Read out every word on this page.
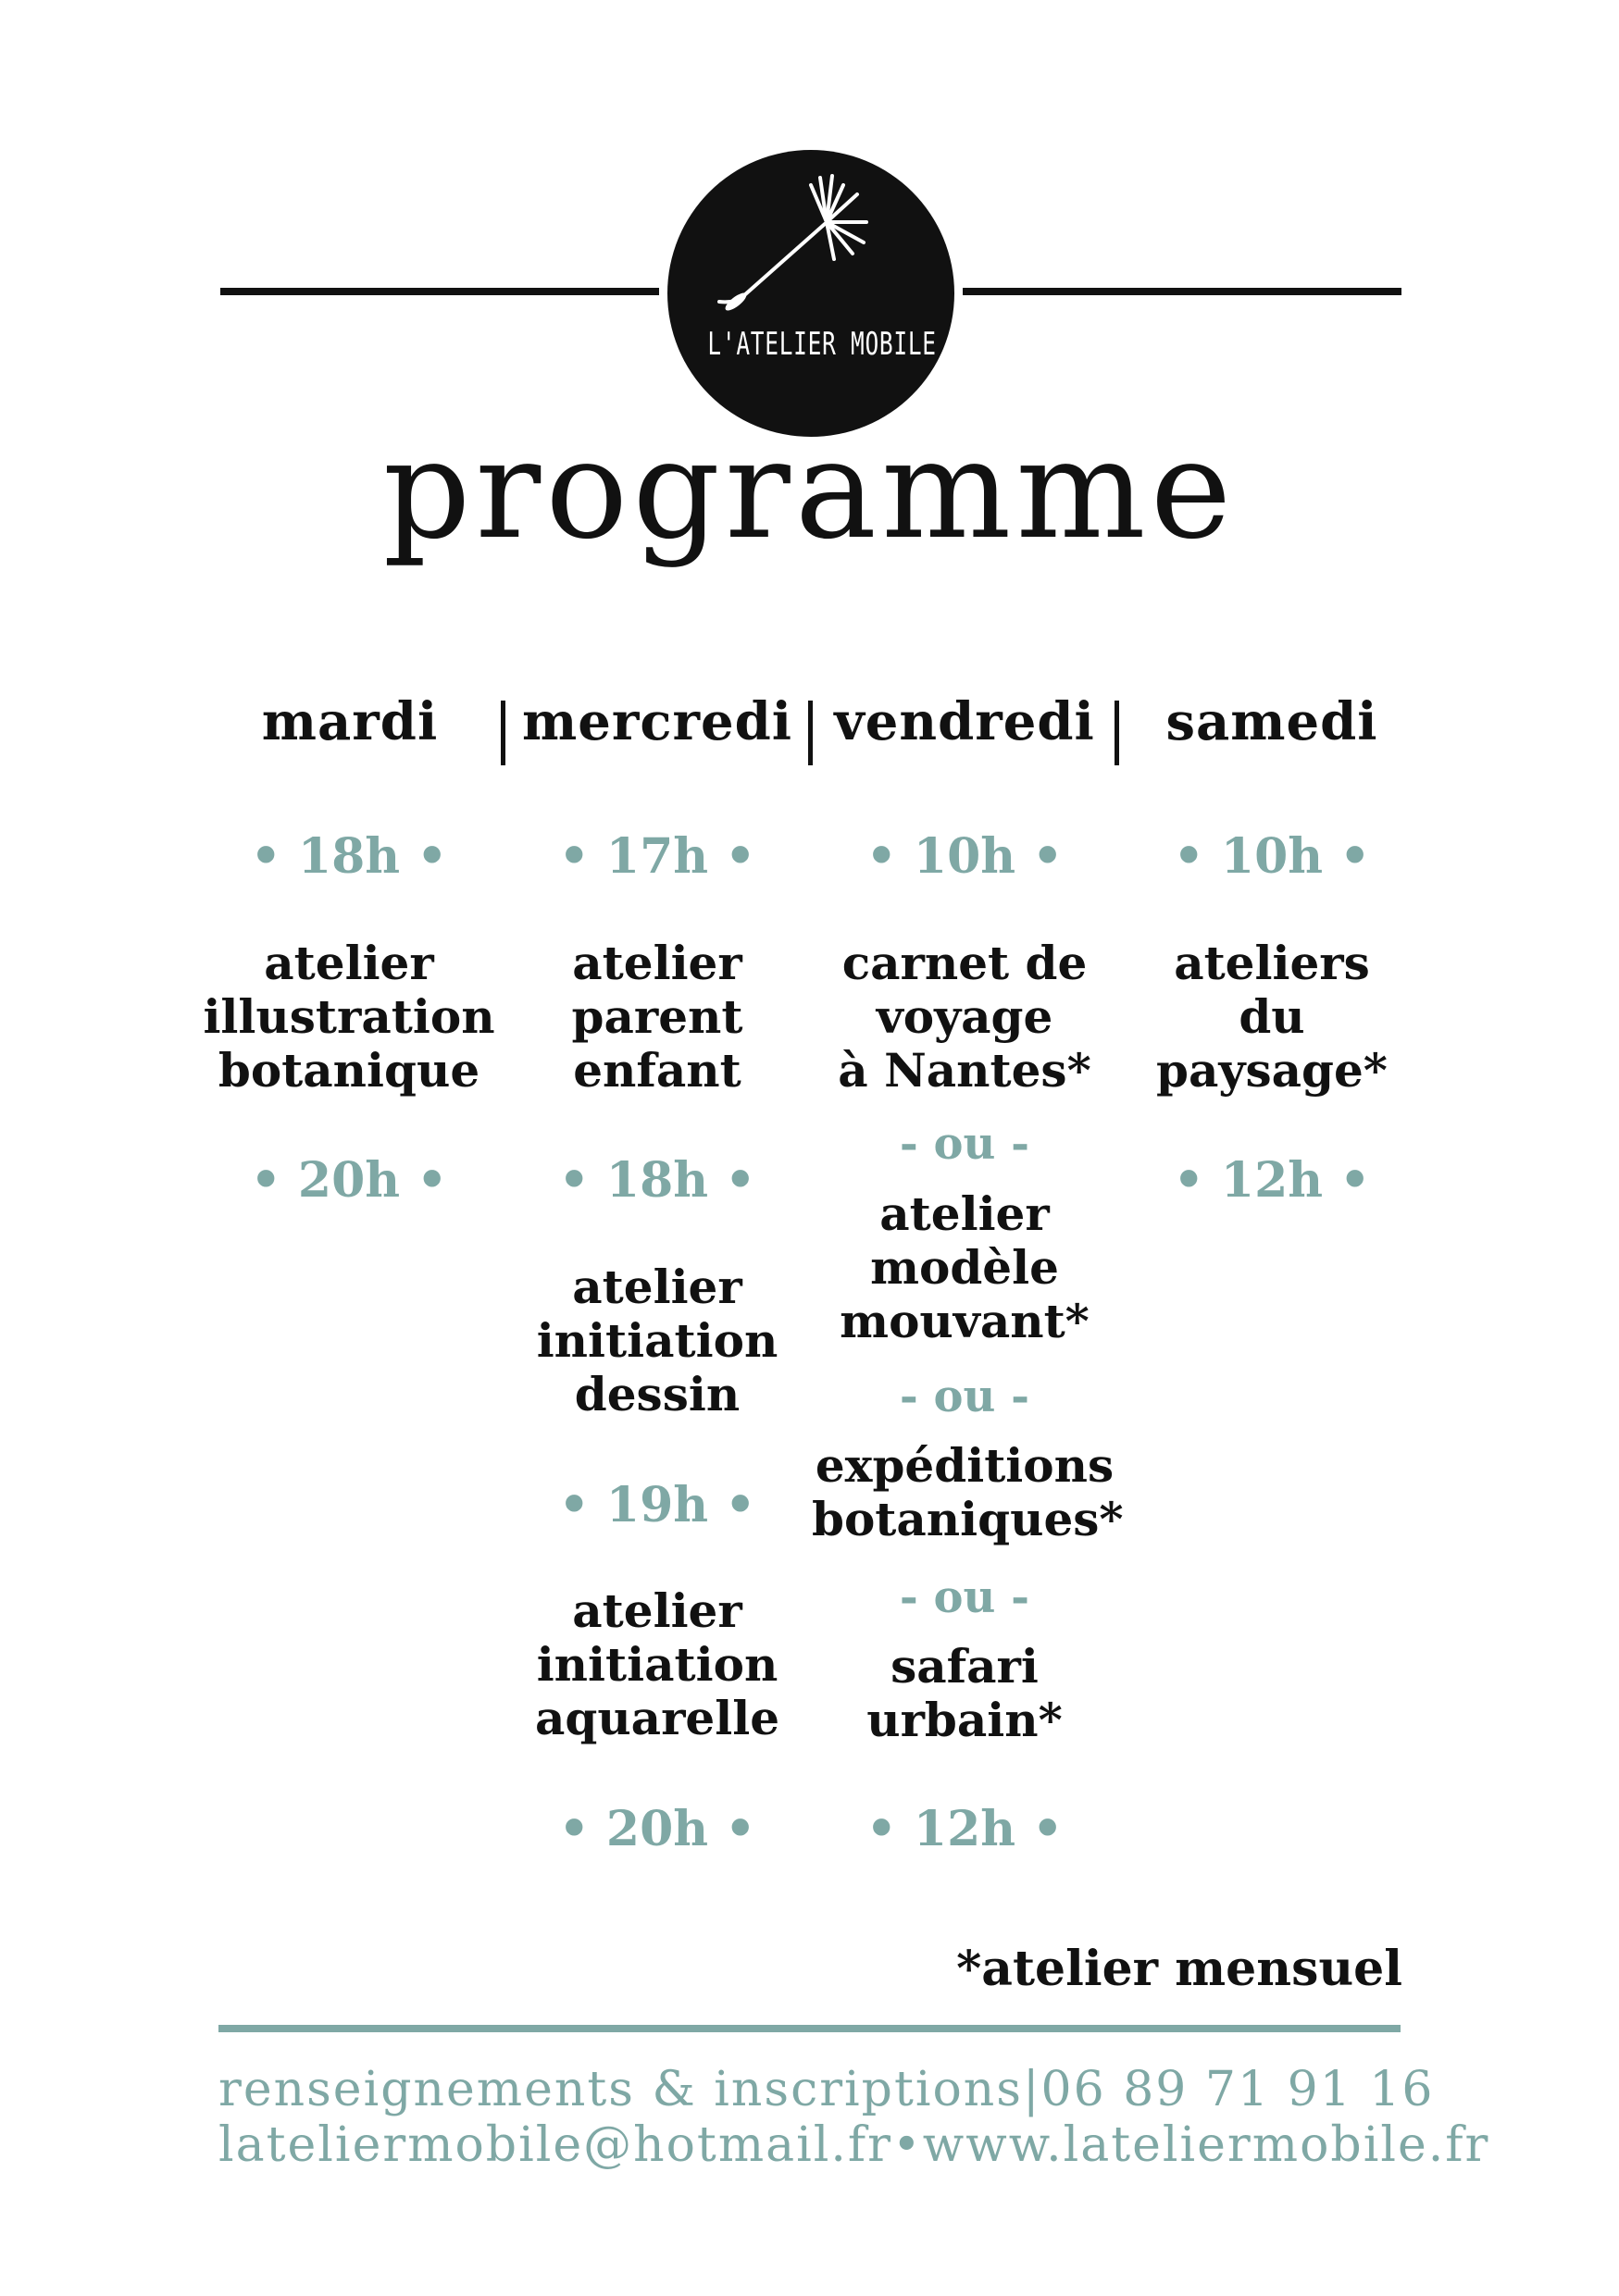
L'ATELIER MOBILE
programme
mardi	mercredi vendredi	samedi
• 18h •
atelier
illustration
botanique
• 20h •
• 17h •
atelier
parent
enfant
• 18h •
atelier
initiation
dessin
• 19h •
atelier
initiation
aquarelle
• 20h •
• 10h •
carnet de
voyage
à Nantes*
- ou -
atelier
modèle
mouvant*
- ou -
expéditions
botaniques*
- ou -
safari
urbain*
• 12h •
• 10h •
ateliers
du
paysage*
• 12h •
*atelier mensuel
renseignements & inscriptions | 06 89 71 91 16
lateliermobile@hotmail.fr • www.lateliermobile.fr
